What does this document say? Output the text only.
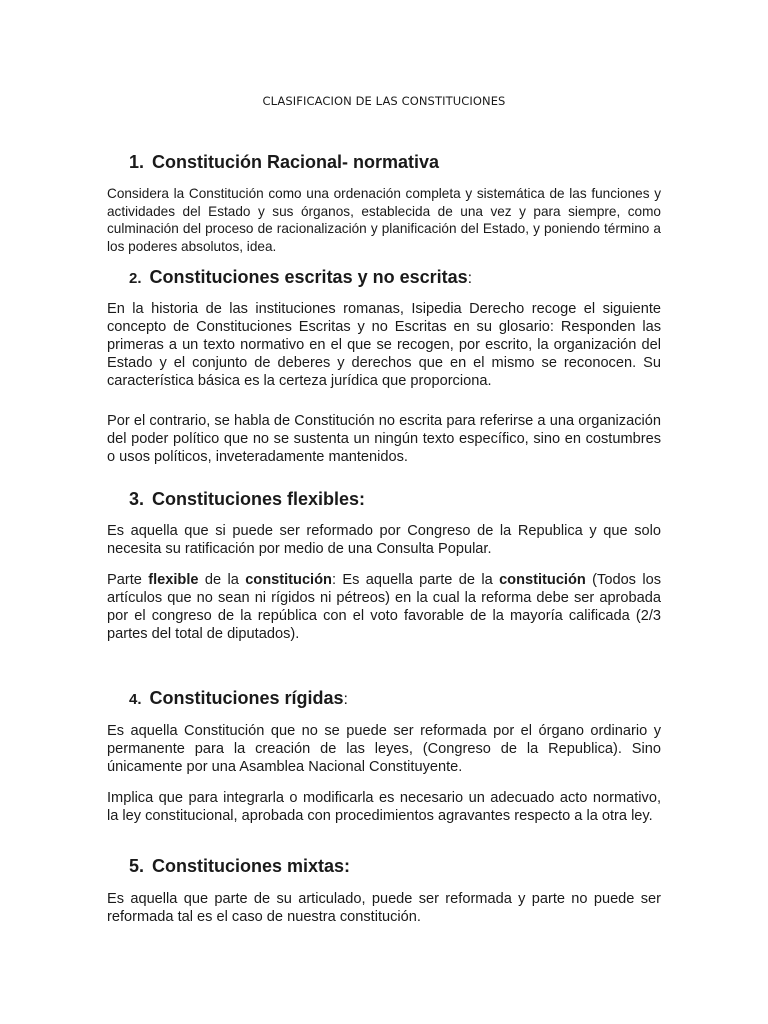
CLASIFICACION DE LAS CONSTITUCIONES
1. Constitución Racional- normativa

Considera la Constitución como una ordenación completa y sistemática de las funciones y actividades del Estado y sus órganos, establecida de una vez y para siempre, como culminación del proceso de racionalización y planificación del Estado, y poniendo término a los poderes absolutos, idea.

2. Constituciones escritas y no escritas:

En la historia de las instituciones romanas, Isipedia Derecho recoge el siguiente concepto de Constituciones Escritas y no Escritas en su glosario: Responden las primeras a un texto normativo en el que se recogen, por escrito, la organización del Estado y el conjunto de deberes y derechos que en el mismo se reconocen. Su característica básica es la certeza jurídica que proporciona.

Por el contrario, se habla de Constitución no escrita para referirse a una organización del poder político que no se sustenta un ningún texto específico, sino en costumbres o usos políticos, inveteradamente mantenidos.

3. Constituciones flexibles:

Es aquella que si puede ser reformado por Congreso de la Republica y que solo necesita su ratificación por medio de una Consulta Popular.

Parte flexible de la constitución: Es aquella parte de la constitución (Todos los artículos que no sean ni rígidos ni pétreos) en la cual la reforma debe ser aprobada por el congreso de la república con el voto favorable de la mayoría calificada (2/3 partes del total de diputados).

4. Constituciones rígidas:

Es aquella Constitución que no se puede ser reformada por el órgano ordinario y permanente para la creación de las leyes, (Congreso de la Republica). Sino únicamente por una Asamblea Nacional Constituyente.

Implica que para integrarla o modificarla es necesario un adecuado acto normativo, la ley constitucional, aprobada con procedimientos agravantes respecto a la otra ley.

5. Constituciones mixtas:

Es aquella que parte de su articulado, puede ser reformada y parte no puede ser reformada tal es el caso de nuestra constitución.
